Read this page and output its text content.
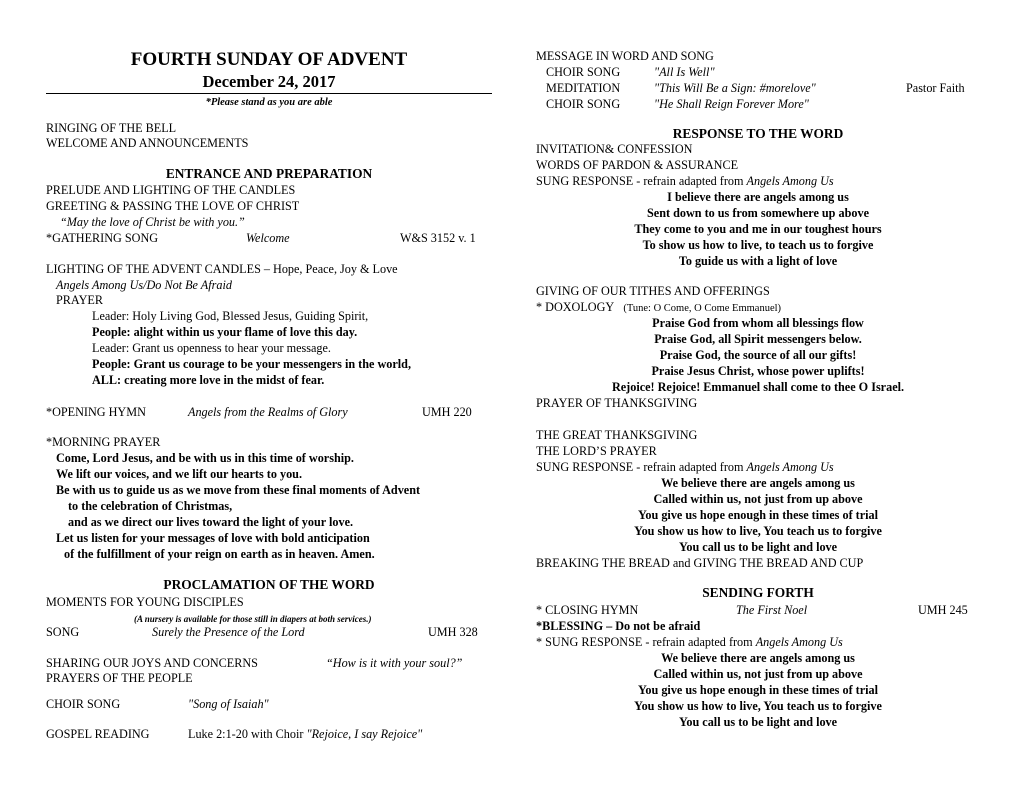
FOURTH SUNDAY OF ADVENT
December 24, 2017
*Please stand as you are able
RINGING OF THE BELL
WELCOME AND ANNOUNCEMENTS
ENTRANCE AND PREPARATION
PRELUDE AND LIGHTING OF THE CANDLES
GREETING & PASSING THE LOVE OF CHRIST
“May the love of Christ be with you.”
*GATHERING SONG	Welcome	W&S 3152 v. 1
LIGHTING OF THE ADVENT CANDLES – Hope, Peace, Joy & Love
Angels Among Us/Do Not Be Afraid
PRAYER
Leader: Holy Living God, Blessed Jesus, Guiding Spirit,
People: alight within us your flame of love this day.
Leader: Grant us openness to hear your message.
People: Grant us courage to be your messengers in the world,
ALL: creating more love in the midst of fear.
*OPENING HYMN	Angels from the Realms of Glory	UMH 220
*MORNING PRAYER
Come, Lord Jesus, and be with us in this time of worship.
We lift our voices, and we lift our hearts to you.
Be with us to guide us as we move from these final moments of Advent
to the celebration of Christmas,
and as we direct our lives toward the light of your love.
Let us listen for your messages of love with bold anticipation
of the fulfillment of your reign on earth as in heaven. Amen.
PROCLAMATION OF THE WORD
MOMENTS FOR YOUNG DISCIPLES
(A nursery is available for those still in diapers at both services.)
SONG	Surely the Presence of the Lord	UMH 328
SHARING OUR JOYS AND CONCERNS	“How is it with your soul?”
PRAYERS OF THE PEOPLE
CHOIR SONG	"Song of Isaiah"
GOSPEL READING	Luke 2:1-20 with Choir "Rejoice, I say Rejoice"
MESSAGE IN WORD AND SONG
CHOIR SONG	"All Is Well"
MEDITATION	"This Will Be a Sign: #morelove"	Pastor Faith
CHOIR SONG	"He Shall Reign Forever More"
RESPONSE TO THE WORD
INVITATION& CONFESSION
WORDS OF PARDON & ASSURANCE
SUNG RESPONSE - refrain adapted from Angels Among Us
I believe there are angels among us
Sent down to us from somewhere up above
They come to you and me in our toughest hours
To show us how to live, to teach us to forgive
To guide us with a light of love
GIVING OF OUR TITHES AND OFFERINGS
* DOXOLOGY (Tune: O Come, O Come Emmanuel)
Praise God from whom all blessings flow
Praise God, all Spirit messengers below.
Praise God, the source of all our gifts!
Praise Jesus Christ, whose power uplifts!
Rejoice! Rejoice! Emmanuel shall come to thee O Israel.
PRAYER OF THANKSGIVING
THE GREAT THANKSGIVING
THE LORD’S PRAYER
SUNG RESPONSE - refrain adapted from Angels Among Us
We believe there are angels among us
Called within us, not just from up above
You give us hope enough in these times of trial
You show us how to live, You teach us to forgive
You call us to be light and love
BREAKING THE BREAD and GIVING THE BREAD AND CUP
SENDING FORTH
* CLOSING HYMN	The First Noel	UMH 245
*BLESSING – Do not be afraid
* SUNG RESPONSE - refrain adapted from Angels Among Us
We believe there are angels among us
Called within us, not just from up above
You give us hope enough in these times of trial
You show us how to live, You teach us to forgive
You call us to be light and love
